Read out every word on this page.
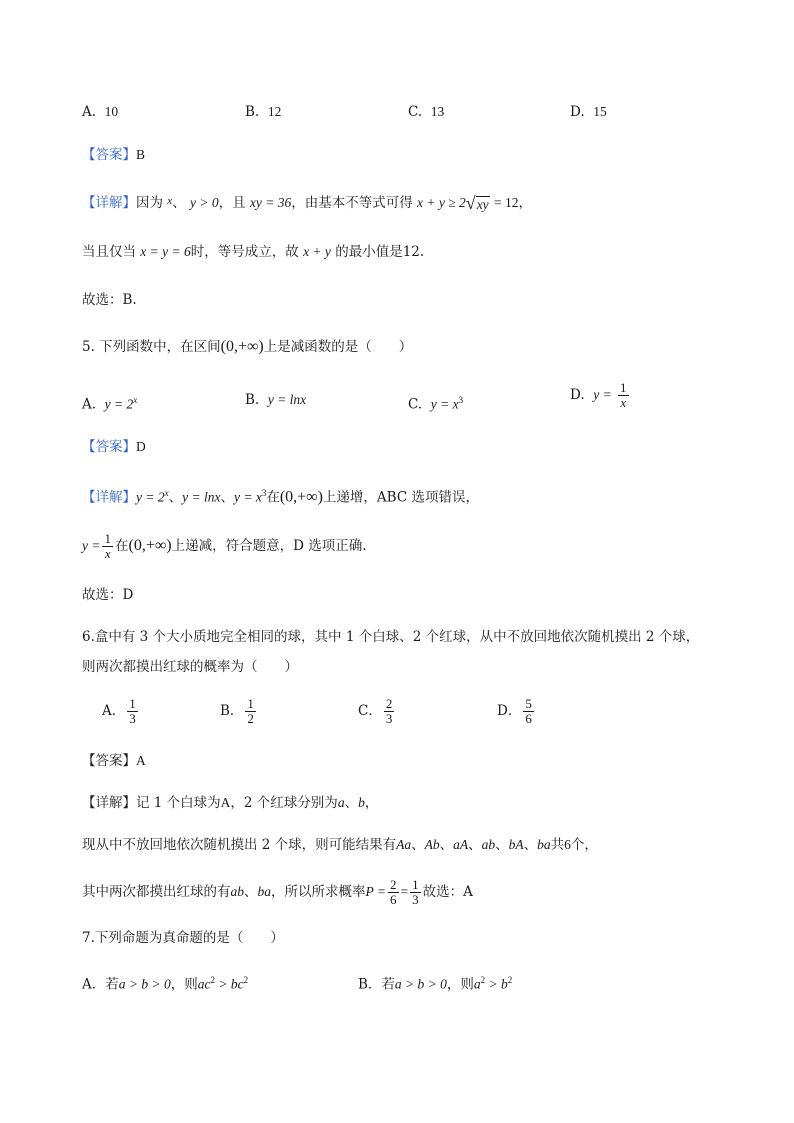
A. 10	B. 12	C. 13	D. 15
【答案】B
【详解】因为 $^x$、 y > 0，且 xy = 36，由基本不等式可得 x + y ≥ 2 √ xy = 12，
当且仅当 x = y = 6时，等号成立，故 x + y 的最小值是12.
故选：B.
5. 下列函数中，在区间(0,+∞)上是减函数的是（　　）
A. $y = 2^x$	B. y = lnx	C. $y = x^3$	D. $y = \frac{1}{x}$
【答案】D
【详解】$y = 2^x$、y = lnx、$y = x^3$在(0,+∞)上递增，ABC 选项错误，
$y = \frac{1}{x}$ 在(0,+∞)上递减，符合题意，D 选项正确.
故选：D
6.盒中有 3 个大小质地完全相同的球，其中 1 个白球、2 个红球，从中不放回地依次随机摸出 2 个球，
则两次都摸出红球的概率为（　　）
A． $\frac{1}{3}$	B． $\frac{1}{2}$	C． $\frac{2}{3}$	D． $\frac{5}{6}$
【答案】A
【详解】记 1 个白球为A，2 个红球分别为a、b，
现从中不放回地依次随机摸出 2 个球，则可能结果有Aa、Ab、aA、ab、bA、ba共6个，
其中两次都摸出红球的有ab、ba，所以所求概率$P = \frac{2}{6} = \frac{1}{3}$ 故选：A
7.下列命题为真命题的是（　　）
A．若a > b > 0，则$ac^2 > bc^2$	B．若a > b > 0，则$a^2 > b^2$
